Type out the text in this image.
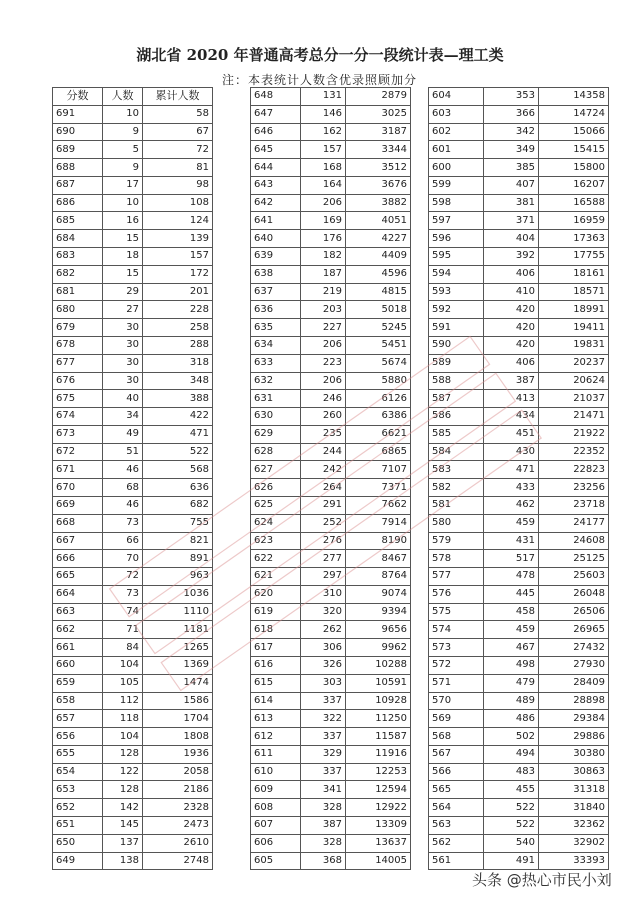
湖北省 2020 年普通高考总分一分一段统计表—理工类
注：本表统计人数含优录照顾加分
分数	人数	累计人数
691	10	58
690	9	67
689	5	72
688	9	81
687	17	98
686	10	108
685	16	124
684	15	139
683	18	157
682	15	172
681	29	201
680	27	228
679	30	258
678	30	288
677	30	318
676	30	348
675	40	388
674	34	422
673	49	471
672	51	522
671	46	568
670	68	636
669	46	682
668	73	755
667	66	821
666	70	891
665	72	963
664	73	1036
663	74	1110
662	71	1181
661	84	1265
660	104	1369
659	105	1474
658	112	1586
657	118	1704
656	104	1808
655	128	1936
654	122	2058
653	128	2186
652	142	2328
651	145	2473
650	137	2610
649	138	2748
648	131	2879
647	146	3025
646	162	3187
645	157	3344
644	168	3512
643	164	3676
642	206	3882
641	169	4051
640	176	4227
639	182	4409
638	187	4596
637	219	4815
636	203	5018
635	227	5245
634	206	5451
633	223	5674
632	206	5880
631	246	6126
630	260	6386
629	235	6621
628	244	6865
627	242	7107
626	264	7371
625	291	7662
624	252	7914
623	276	8190
622	277	8467
621	297	8764
620	310	9074
619	320	9394
618	262	9656
617	306	9962
616	326	10288
615	303	10591
614	337	10928
613	322	11250
612	337	11587
611	329	11916
610	337	12253
609	341	12594
608	328	12922
607	387	13309
606	328	13637
605	368	14005
604	353	14358
603	366	14724
602	342	15066
601	349	15415
600	385	15800
599	407	16207
598	381	16588
597	371	16959
596	404	17363
595	392	17755
594	406	18161
593	410	18571
592	420	18991
591	420	19411
590	420	19831
589	406	20237
588	387	20624
587	413	21037
586	434	21471
585	451	21922
584	430	22352
583	471	22823
582	433	23256
581	462	23718
580	459	24177
579	431	24608
578	517	25125
577	478	25603
576	445	26048
575	458	26506
574	459	26965
573	467	27432
572	498	27930
571	479	28409
570	489	28898
569	486	29384
568	502	29886
567	494	30380
566	483	30863
565	455	31318
564	522	31840
563	522	32362
562	540	32902
561	491	33393
头条 @热心市民小刘
